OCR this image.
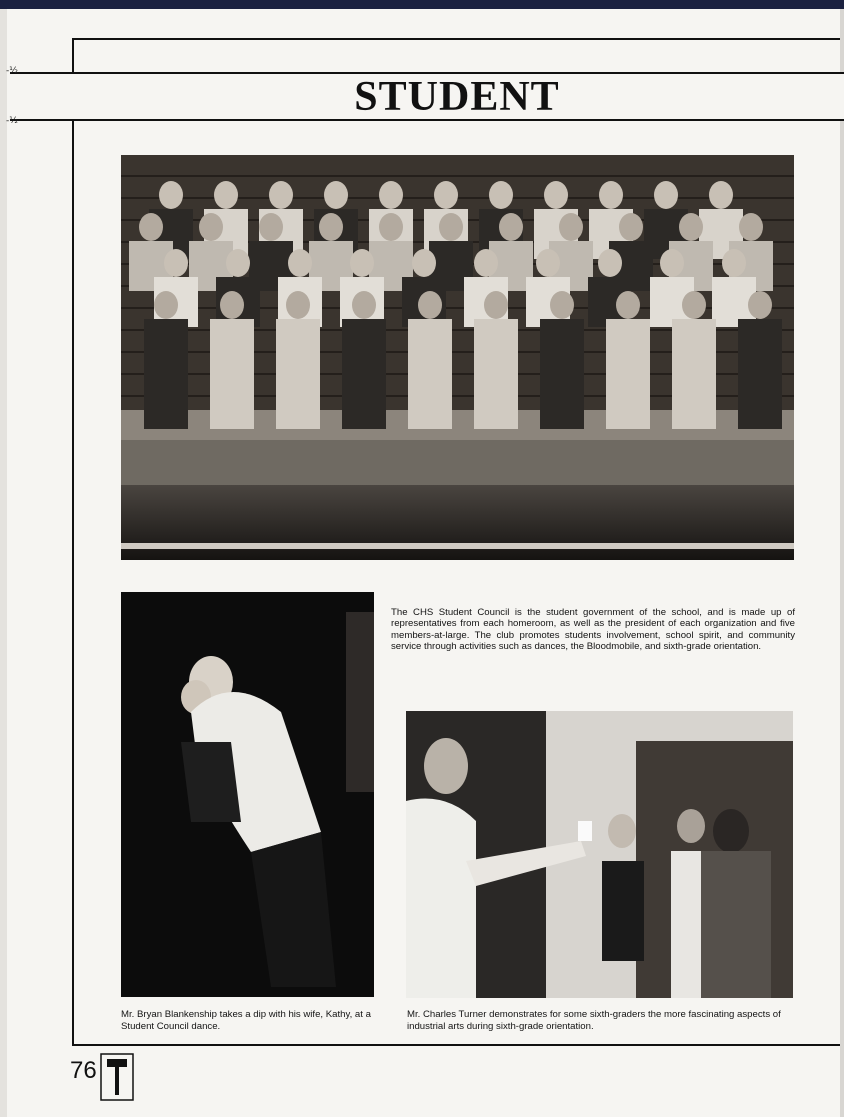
STUDENT
-½
-½

The CHS Student Council is the student government of the school, and is made up of representatives from each homeroom, as well as the president of each organization and five members-at-large. The club promotes students involvement, school spirit, and community service through activities such as dances, the Bloodmobile, and sixth-grade orientation.

Mr. Bryan Blankenship takes a dip with his wife, Kathy, at a Student Council dance.
Mr. Charles Turner demonstrates for some sixth-graders the more fascinating aspects of industrial arts during sixth-grade orientation.
76
